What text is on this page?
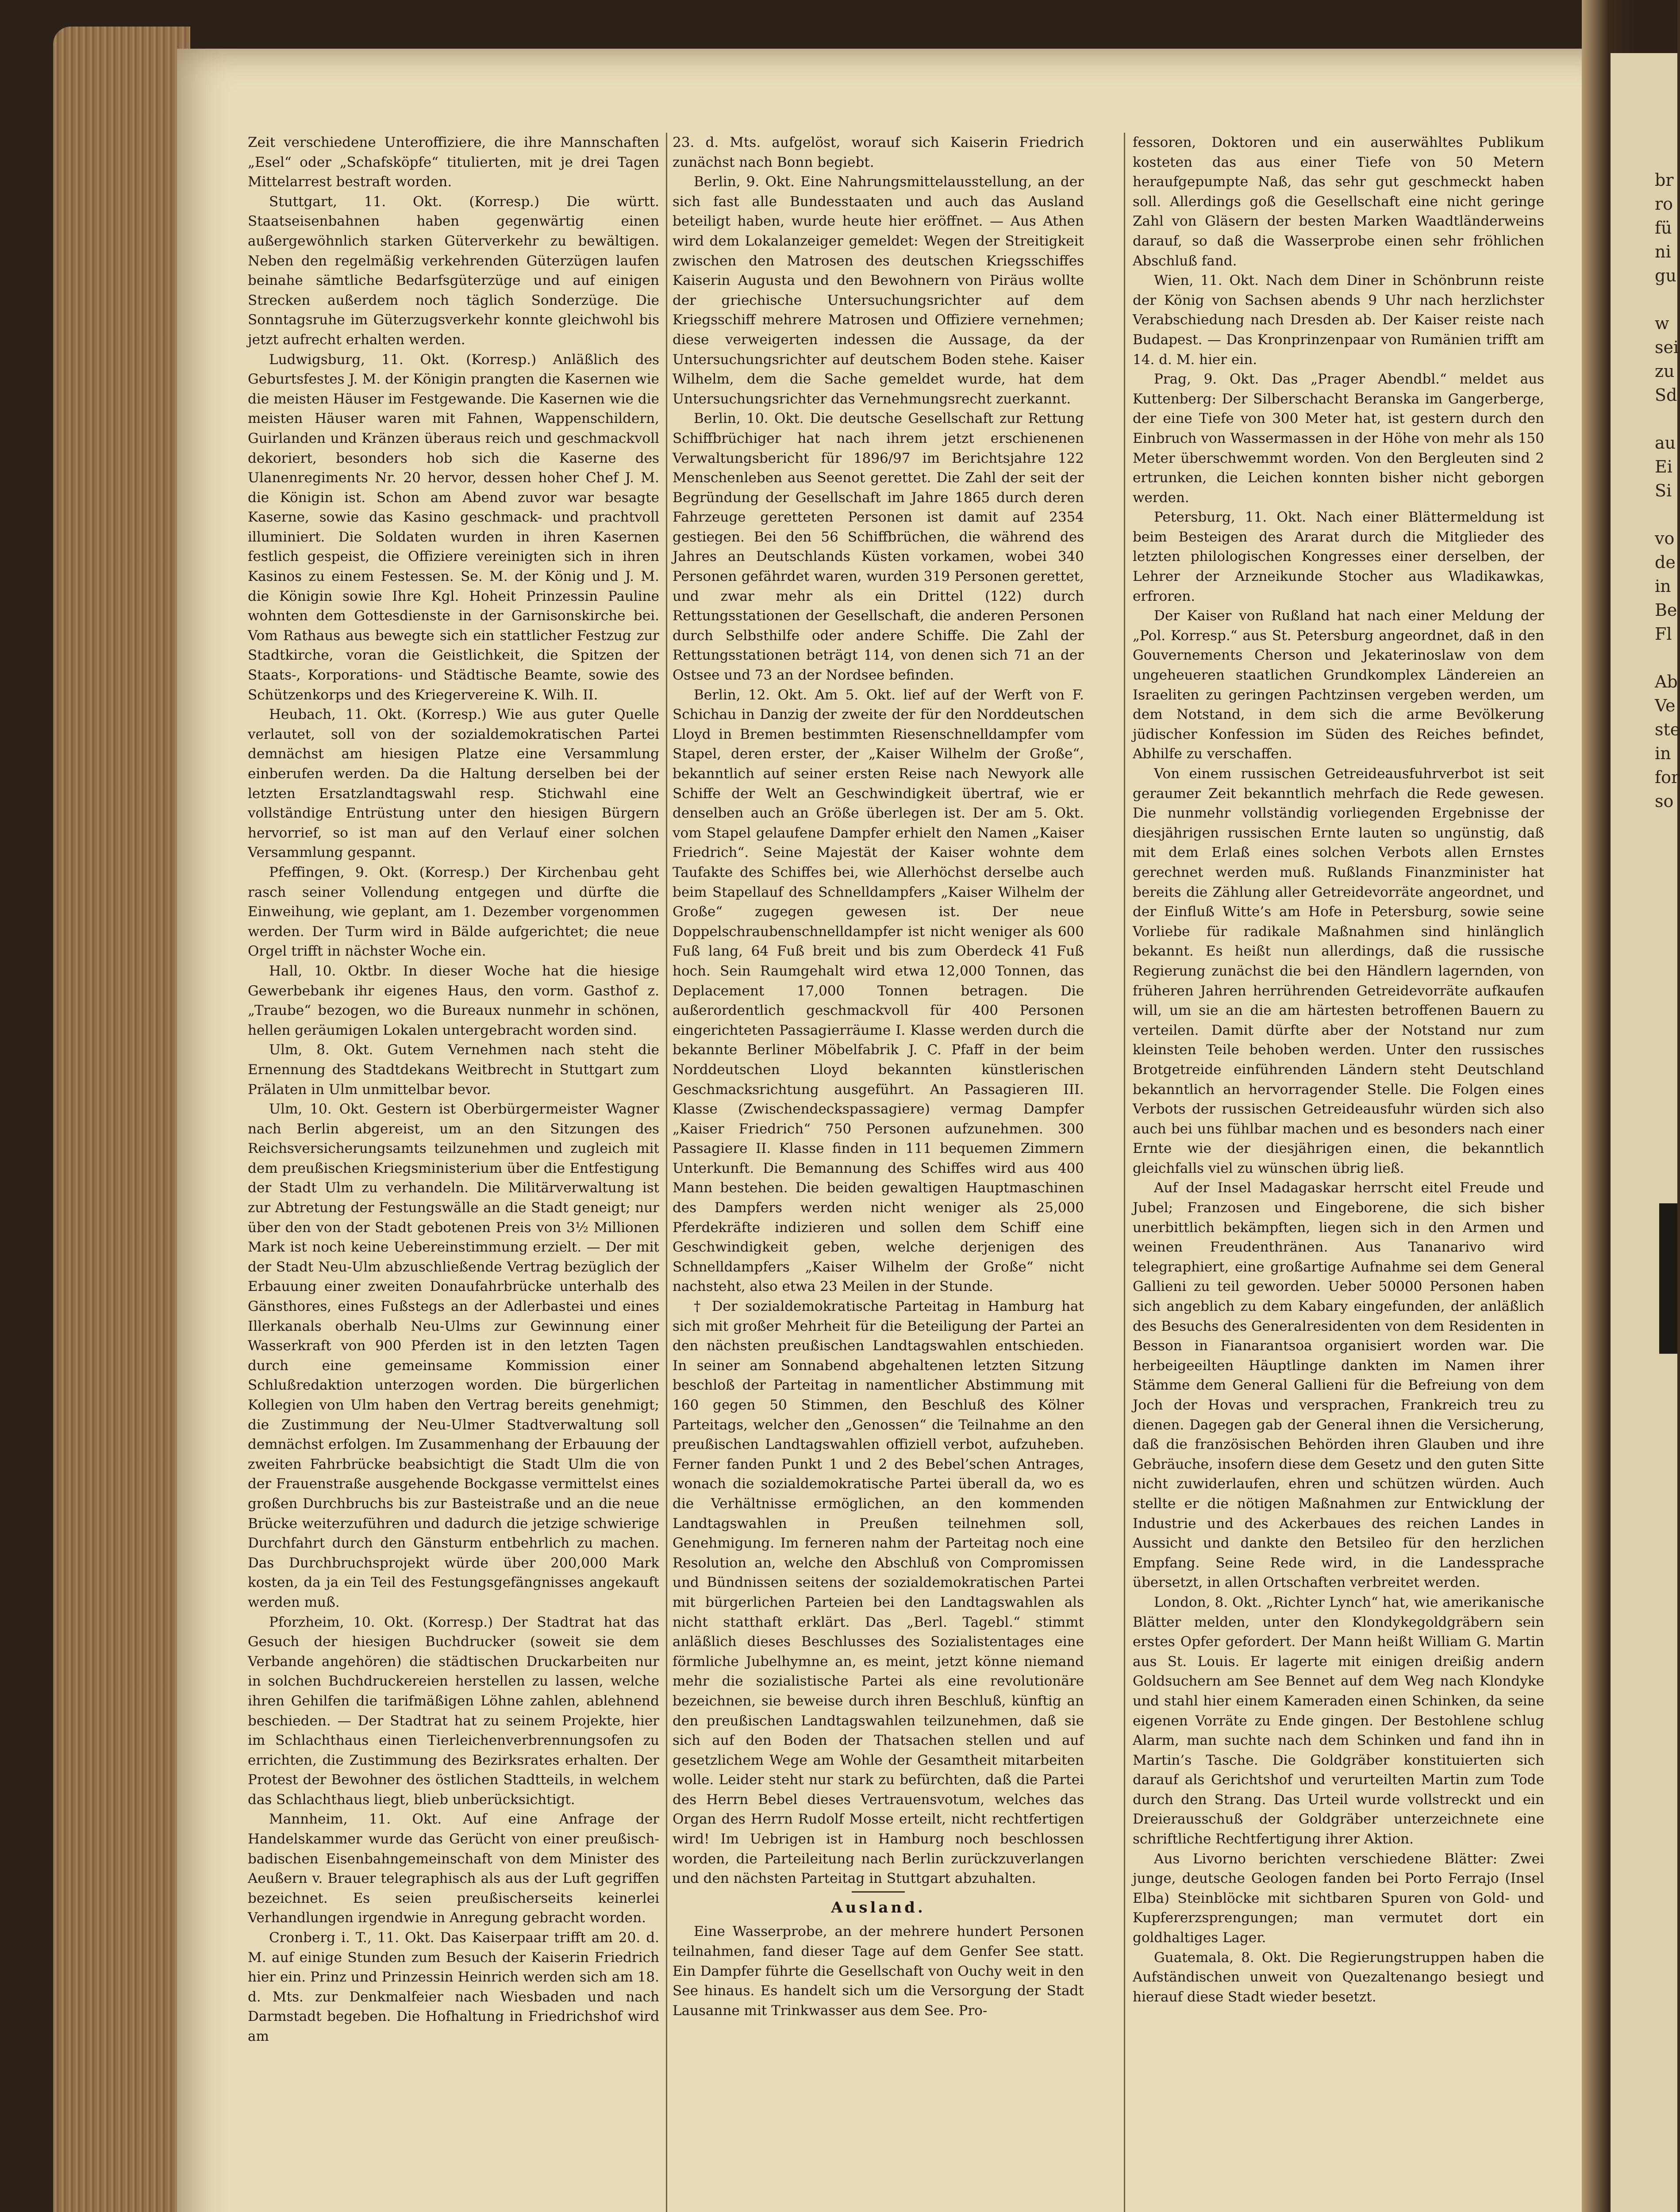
Zeit verschiedene Unteroffiziere, die ihre Mannschaften „Esel“ oder „Schafsköpfe“ titulierten, mit je drei Tagen Mittelarrest bestraft worden.

Stuttgart, 11. Okt. (Korresp.) Die württ. Staatseisenbahnen haben gegenwärtig einen außergewöhnlich starken Güterverkehr zu bewältigen. Neben den regelmäßig verkehrenden Güterzügen laufen beinahe sämtliche Bedarfsgüterzüge und auf einigen Strecken außerdem noch täglich Sonderzüge. Die Sonntagsruhe im Güterzugsverkehr konnte gleichwohl bis jetzt aufrecht erhalten werden.

Ludwigsburg, 11. Okt. (Korresp.) Anläßlich des Geburtsfestes J. M. der Königin prangten die Kasernen wie die meisten Häuser im Festgewande. Die Kasernen wie die meisten Häuser waren mit Fahnen, Wappenschildern, Guirlanden und Kränzen überaus reich und geschmackvoll dekoriert, besonders hob sich die Kaserne des Ulanenregiments Nr. 20 hervor, dessen hoher Chef J. M. die Königin ist. Schon am Abend zuvor war besagte Kaserne, sowie das Kasino geschmack- und prachtvoll illuminiert. Die Soldaten wurden in ihren Kasernen festlich gespeist, die Offiziere vereinigten sich in ihren Kasinos zu einem Festessen. Se. M. der König und J. M. die Königin sowie Ihre Kgl. Hoheit Prinzessin Pauline wohnten dem Gottesdienste in der Garnisonskirche bei. Vom Rathaus aus bewegte sich ein stattlicher Festzug zur Stadtkirche, voran die Geistlichkeit, die Spitzen der Staats-, Korporations- und Städtische Beamte, sowie des Schützenkorps und des Kriegervereine K. Wilh. II.

Heubach, 11. Okt. (Korresp.) Wie aus guter Quelle verlautet, soll von der sozialdemokratischen Partei demnächst am hiesigen Platze eine Versammlung einberufen werden. Da die Haltung derselben bei der letzten Ersatzlandtagswahl resp. Stichwahl eine vollständige Entrüstung unter den hiesigen Bürgern hervorrief, so ist man auf den Verlauf einer solchen Versammlung gespannt.

Pfeffingen, 9. Okt. (Korresp.) Der Kirchenbau geht rasch seiner Vollendung entgegen und dürfte die Einweihung, wie geplant, am 1. Dezember vorgenommen werden. Der Turm wird in Bälde aufgerichtet; die neue Orgel trifft in nächster Woche ein.

Hall, 10. Oktbr. In dieser Woche hat die hiesige Gewerbebank ihr eigenes Haus, den vorm. Gasthof z. „Traube“ bezogen, wo die Bureaux nunmehr in schönen, hellen geräumigen Lokalen untergebracht worden sind.

Ulm, 8. Okt. Gutem Vernehmen nach steht die Ernennung des Stadtdekans Weitbrecht in Stuttgart zum Prälaten in Ulm unmittelbar bevor.

Ulm, 10. Okt. Gestern ist Oberbürgermeister Wagner nach Berlin abgereist, um an den Sitzungen des Reichsversicherungsamts teilzunehmen und zugleich mit dem preußischen Kriegsministerium über die Entfestigung der Stadt Ulm zu verhandeln. Die Militärverwaltung ist zur Abtretung der Festungswälle an die Stadt geneigt; nur über den von der Stadt gebotenen Preis von 3½ Millionen Mark ist noch keine Uebereinstimmung erzielt. — Der mit der Stadt Neu-Ulm abzuschließende Vertrag bezüglich der Erbauung einer zweiten Donaufahrbrücke unterhalb des Gänsthores, eines Fußstegs an der Adlerbastei und eines Illerkanals oberhalb Neu-Ulms zur Gewinnung einer Wasserkraft von 900 Pferden ist in den letzten Tagen durch eine gemeinsame Kommission einer Schlußredaktion unterzogen worden. Die bürgerlichen Kollegien von Ulm haben den Vertrag bereits genehmigt; die Zustimmung der Neu-Ulmer Stadtverwaltung soll demnächst erfolgen. Im Zusammenhang der Erbauung der zweiten Fahrbrücke beabsichtigt die Stadt Ulm die von der Frauenstraße ausgehende Bockgasse vermittelst eines großen Durchbruchs bis zur Basteistraße und an die neue Brücke weiterzuführen und dadurch die jetzige schwierige Durchfahrt durch den Gänsturm entbehrlich zu machen. Das Durchbruchsprojekt würde über 200,000 Mark kosten, da ja ein Teil des Festungsgefängnisses angekauft werden muß.

Pforzheim, 10. Okt. (Korresp.) Der Stadtrat hat das Gesuch der hiesigen Buchdrucker (soweit sie dem Verbande angehören) die städtischen Druckarbeiten nur in solchen Buchdruckereien herstellen zu lassen, welche ihren Gehilfen die tarifmäßigen Löhne zahlen, ablehnend beschieden. — Der Stadtrat hat zu seinem Projekte, hier im Schlachthaus einen Tierleichenverbrennungsofen zu errichten, die Zustimmung des Bezirksrates erhalten. Der Protest der Bewohner des östlichen Stadtteils, in welchem das Schlachthaus liegt, blieb unberücksichtigt.

Mannheim, 11. Okt. Auf eine Anfrage der Handelskammer wurde das Gerücht von einer preußisch-badischen Eisenbahngemeinschaft von dem Minister des Aeußern v. Brauer telegraphisch als aus der Luft gegriffen bezeichnet. Es seien preußischerseits keinerlei Verhandlungen irgendwie in Anregung gebracht worden.

Cronberg i. T., 11. Okt. Das Kaiserpaar trifft am 20. d. M. auf einige Stunden zum Besuch der Kaiserin Friedrich hier ein. Prinz und Prinzessin Heinrich werden sich am 18. d. Mts. zur Denkmalfeier nach Wiesbaden und nach Darmstadt begeben. Die Hofhaltung in Friedrichshof wird am

23. d. Mts. aufgelöst, worauf sich Kaiserin Friedrich zunächst nach Bonn begiebt.

Berlin, 9. Okt. Eine Nahrungsmittelausstellung, an der sich fast alle Bundesstaaten und auch das Ausland beteiligt haben, wurde heute hier eröffnet. — Aus Athen wird dem Lokalanzeiger gemeldet: Wegen der Streitigkeit zwischen den Matrosen des deutschen Kriegsschiffes Kaiserin Augusta und den Bewohnern von Piräus wollte der griechische Untersuchungsrichter auf dem Kriegsschiff mehrere Matrosen und Offiziere vernehmen; diese verweigerten indessen die Aussage, da der Untersuchungsrichter auf deutschem Boden stehe. Kaiser Wilhelm, dem die Sache gemeldet wurde, hat dem Untersuchungsrichter das Vernehmungsrecht zuerkannt.

Berlin, 10. Okt. Die deutsche Gesellschaft zur Rettung Schiffbrüchiger hat nach ihrem jetzt erschienenen Verwaltungsbericht für 1896/97 im Berichtsjahre 122 Menschenleben aus Seenot gerettet. Die Zahl der seit der Begründung der Gesellschaft im Jahre 1865 durch deren Fahrzeuge geretteten Personen ist damit auf 2354 gestiegen. Bei den 56 Schiffbrüchen, die während des Jahres an Deutschlands Küsten vorkamen, wobei 340 Personen gefährdet waren, wurden 319 Personen gerettet, und zwar mehr als ein Drittel (122) durch Rettungsstationen der Gesellschaft, die anderen Personen durch Selbsthilfe oder andere Schiffe. Die Zahl der Rettungsstationen beträgt 114, von denen sich 71 an der Ostsee und 73 an der Nordsee befinden.

Berlin, 12. Okt. Am 5. Okt. lief auf der Werft von F. Schichau in Danzig der zweite der für den Norddeutschen Lloyd in Bremen bestimmten Riesenschnelldampfer vom Stapel, deren erster, der „Kaiser Wilhelm der Große“, bekanntlich auf seiner ersten Reise nach Newyork alle Schiffe der Welt an Geschwindigkeit übertraf, wie er denselben auch an Größe überlegen ist. Der am 5. Okt. vom Stapel gelaufene Dampfer erhielt den Namen „Kaiser Friedrich“. Seine Majestät der Kaiser wohnte dem Taufakte des Schiffes bei, wie Allerhöchst derselbe auch beim Stapellauf des Schnelldampfers „Kaiser Wilhelm der Große“ zugegen gewesen ist. Der neue Doppelschraubenschnelldampfer ist nicht weniger als 600 Fuß lang, 64 Fuß breit und bis zum Oberdeck 41 Fuß hoch. Sein Raumgehalt wird etwa 12,000 Tonnen, das Deplacement 17,000 Tonnen betragen. Die außerordentlich geschmackvoll für 400 Personen eingerichteten Passagierräume I. Klasse werden durch die bekannte Berliner Möbelfabrik J. C. Pfaff in der beim Norddeutschen Lloyd bekannten künstlerischen Geschmacksrichtung ausgeführt. An Passagieren III. Klasse (Zwischendeckspassagiere) vermag Dampfer „Kaiser Friedrich“ 750 Personen aufzunehmen. 300 Passagiere II. Klasse finden in 111 bequemen Zimmern Unterkunft. Die Bemannung des Schiffes wird aus 400 Mann bestehen. Die beiden gewaltigen Hauptmaschinen des Dampfers werden nicht weniger als 25,000 Pferdekräfte indizieren und sollen dem Schiff eine Geschwindigkeit geben, welche derjenigen des Schnelldampfers „Kaiser Wilhelm der Große“ nicht nachsteht, also etwa 23 Meilen in der Stunde.

† Der sozialdemokratische Parteitag in Hamburg hat sich mit großer Mehrheit für die Beteiligung der Partei an den nächsten preußischen Landtagswahlen entschieden. In seiner am Sonnabend abgehaltenen letzten Sitzung beschloß der Parteitag in namentlicher Abstimmung mit 160 gegen 50 Stimmen, den Beschluß des Kölner Parteitags, welcher den „Genossen“ die Teilnahme an den preußischen Landtagswahlen offiziell verbot, aufzuheben. Ferner fanden Punkt 1 und 2 des Bebel’schen Antrages, wonach die sozialdemokratische Partei überall da, wo es die Verhältnisse ermöglichen, an den kommenden Landtagswahlen in Preußen teilnehmen soll, Genehmigung. Im ferneren nahm der Parteitag noch eine Resolution an, welche den Abschluß von Compromissen und Bündnissen seitens der sozialdemokratischen Partei mit bürgerlichen Parteien bei den Landtagswahlen als nicht statthaft erklärt. Das „Berl. Tagebl.“ stimmt anläßlich dieses Beschlusses des Sozialistentages eine förmliche Jubelhymne an, es meint, jetzt könne niemand mehr die sozialistische Partei als eine revolutionäre bezeichnen, sie beweise durch ihren Beschluß, künftig an den preußischen Landtagswahlen teilzunehmen, daß sie sich auf den Boden der Thatsachen stellen und auf gesetzlichem Wege am Wohle der Gesamtheit mitarbeiten wolle. Leider steht nur stark zu befürchten, daß die Partei des Herrn Bebel dieses Vertrauensvotum, welches das Organ des Herrn Rudolf Mosse erteilt, nicht rechtfertigen wird! Im Uebrigen ist in Hamburg noch beschlossen worden, die Parteileitung nach Berlin zurückzuverlangen und den nächsten Parteitag in Stuttgart abzuhalten.

Ausland.

Eine Wasserprobe, an der mehrere hundert Personen teilnahmen, fand dieser Tage auf dem Genfer See statt. Ein Dampfer führte die Gesellschaft von Ouchy weit in den See hinaus. Es handelt sich um die Versorgung der Stadt Lausanne mit Trinkwasser aus dem See. Pro-

fessoren, Doktoren und ein auserwähltes Publikum kosteten das aus einer Tiefe von 50 Metern heraufgepumpte Naß, das sehr gut geschmeckt haben soll. Allerdings goß die Gesellschaft eine nicht geringe Zahl von Gläsern der besten Marken Waadtländerweins darauf, so daß die Wasserprobe einen sehr fröhlichen Abschluß fand.

Wien, 11. Okt. Nach dem Diner in Schönbrunn reiste der König von Sachsen abends 9 Uhr nach herzlichster Verabschiedung nach Dresden ab. Der Kaiser reiste nach Budapest. — Das Kronprinzenpaar von Rumänien trifft am 14. d. M. hier ein.

Prag, 9. Okt. Das „Prager Abendbl.“ meldet aus Kuttenberg: Der Silberschacht Beranska im Gangerberge, der eine Tiefe von 300 Meter hat, ist gestern durch den Einbruch von Wassermassen in der Höhe von mehr als 150 Meter überschwemmt worden. Von den Bergleuten sind 2 ertrunken, die Leichen konnten bisher nicht geborgen werden.

Petersburg, 11. Okt. Nach einer Blättermeldung ist beim Besteigen des Ararat durch die Mitglieder des letzten philologischen Kongresses einer derselben, der Lehrer der Arzneikunde Stocher aus Wladikawkas, erfroren.

Der Kaiser von Rußland hat nach einer Meldung der „Pol. Korresp.“ aus St. Petersburg angeordnet, daß in den Gouvernements Cherson und Jekaterinoslaw von dem ungeheueren staatlichen Grundkomplex Ländereien an Israeliten zu geringen Pachtzinsen vergeben werden, um dem Notstand, in dem sich die arme Bevölkerung jüdischer Konfession im Süden des Reiches befindet, Abhilfe zu verschaffen.

Von einem russischen Getreideausfuhrverbot ist seit geraumer Zeit bekanntlich mehrfach die Rede gewesen. Die nunmehr vollständig vorliegenden Ergebnisse der diesjährigen russischen Ernte lauten so ungünstig, daß mit dem Erlaß eines solchen Verbots allen Ernstes gerechnet werden muß. Rußlands Finanzminister hat bereits die Zählung aller Getreidevorräte angeordnet, und der Einfluß Witte’s am Hofe in Petersburg, sowie seine Vorliebe für radikale Maßnahmen sind hinlänglich bekannt. Es heißt nun allerdings, daß die russische Regierung zunächst die bei den Händlern lagernden, von früheren Jahren herrührenden Getreidevorräte aufkaufen will, um sie an die am härtesten betroffenen Bauern zu verteilen. Damit dürfte aber der Notstand nur zum kleinsten Teile behoben werden. Unter den russisches Brotgetreide einführenden Ländern steht Deutschland bekanntlich an hervorragender Stelle. Die Folgen eines Verbots der russischen Getreideausfuhr würden sich also auch bei uns fühlbar machen und es besonders nach einer Ernte wie der diesjährigen einen, die bekanntlich gleichfalls viel zu wünschen übrig ließ.

Auf der Insel Madagaskar herrscht eitel Freude und Jubel; Franzosen und Eingeborene, die sich bisher unerbittlich bekämpften, liegen sich in den Armen und weinen Freudenthränen. Aus Tananarivo wird telegraphiert, eine großartige Aufnahme sei dem General Gallieni zu teil geworden. Ueber 50000 Personen haben sich angeblich zu dem Kabary eingefunden, der anläßlich des Besuchs des Generalresidenten von dem Residenten in Besson in Fianarantsoa organisiert worden war. Die herbeigeeilten Häuptlinge dankten im Namen ihrer Stämme dem General Gallieni für die Befreiung von dem Joch der Hovas und versprachen, Frankreich treu zu dienen. Dagegen gab der General ihnen die Versicherung, daß die französischen Behörden ihren Glauben und ihre Gebräuche, insofern diese dem Gesetz und den guten Sitte nicht zuwiderlaufen, ehren und schützen würden. Auch stellte er die nötigen Maßnahmen zur Entwicklung der Industrie und des Ackerbaues des reichen Landes in Aussicht und dankte den Betsileo für den herzlichen Empfang. Seine Rede wird, in die Landessprache übersetzt, in allen Ortschaften verbreitet werden.

London, 8. Okt. „Richter Lynch“ hat, wie amerikanische Blätter melden, unter den Klondykegoldgräbern sein erstes Opfer gefordert. Der Mann heißt William G. Martin aus St. Louis. Er lagerte mit einigen dreißig andern Goldsuchern am See Bennet auf dem Weg nach Klondyke und stahl hier einem Kameraden einen Schinken, da seine eigenen Vorräte zu Ende gingen. Der Bestohlene schlug Alarm, man suchte nach dem Schinken und fand ihn in Martin’s Tasche. Die Goldgräber konstituierten sich darauf als Gerichtshof und verurteilten Martin zum Tode durch den Strang. Das Urteil wurde vollstreckt und ein Dreierausschuß der Goldgräber unterzeichnete eine schriftliche Rechtfertigung ihrer Aktion.

Aus Livorno berichten verschiedene Blätter: Zwei junge, deutsche Geologen fanden bei Porto Ferrajo (Insel Elba) Steinblöcke mit sichtbaren Spuren von Gold- und Kupfererzsprengungen; man vermutet dort ein goldhaltiges Lager.

Guatemala, 8. Okt. Die Regierungstruppen haben die Aufständischen unweit von Quezaltenango besiegt und hierauf diese Stadt wieder besetzt.

br
ro
fü
ni
gu

w
sei
zu
Sd

au
Ei
Si

vo
de
in
Be
Fl

Ab
Ve
ste
in
for
so
